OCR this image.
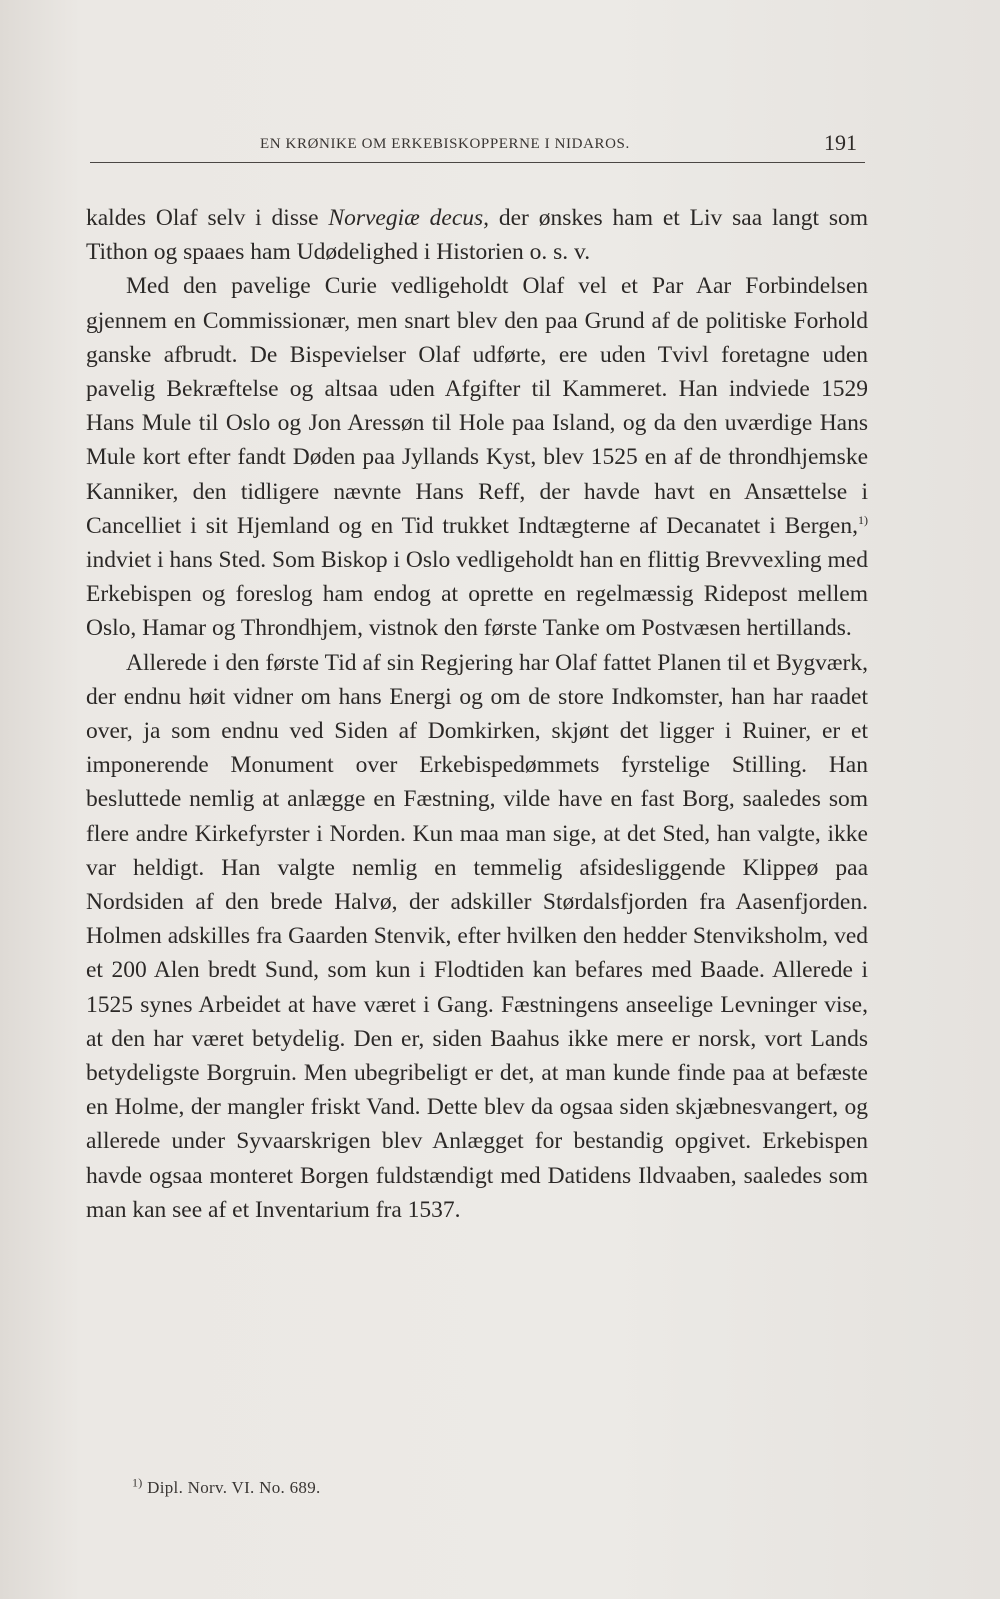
EN KRØNIKE OM ERKEBISKOPPERNE I NIDAROS.	191

kaldes Olaf selv i disse Norvegiæ decus, der ønskes ham et Liv saa langt som Tithon og spaaes ham Udødelighed i Historien o. s. v.

Med den pavelige Curie vedligeholdt Olaf vel et Par Aar Forbindelsen gjennem en Commissionær, men snart blev den paa Grund af de politiske Forhold ganske afbrudt. De Bispevielser Olaf udførte, ere uden Tvivl foretagne uden pavelig Bekræftelse og altsaa uden Afgifter til Kammeret. Han indviede 1529 Hans Mule til Oslo og Jon Aressøn til Hole paa Island, og da den uværdige Hans Mule kort efter fandt Døden paa Jyllands Kyst, blev 1525 en af de throndhjemske Kanniker, den tidligere nævnte Hans Reff, der havde havt en Ansættelse i Cancelliet i sit Hjemland og en Tid trukket Indtægterne af Decanatet i Bergen,$^{1)}$ indviet i hans Sted. Som Biskop i Oslo vedligeholdt han en flittig Brevvexling med Erkebispen og foreslog ham endog at oprette en regelmæssig Ridepost mellem Oslo, Hamar og Throndhjem, vistnok den første Tanke om Postvæsen hertillands.

Allerede i den første Tid af sin Regjering har Olaf fattet Planen til et Bygværk, der endnu høit vidner om hans Energi og om de store Indkomster, han har raadet over, ja som endnu ved Siden af Domkirken, skjønt det ligger i Ruiner, er et imponerende Monument over Erkebispedømmets fyrstelige Stilling. Han besluttede nemlig at anlægge en Fæstning, vilde have en fast Borg, saaledes som flere andre Kirkefyrster i Norden. Kun maa man sige, at det Sted, han valgte, ikke var heldigt. Han valgte nemlig en temmelig afsidesliggende Klippeø paa Nordsiden af den brede Halvø, der adskiller Størdalsfjorden fra Aasenfjorden. Holmen adskilles fra Gaarden Stenvik, efter hvilken den hedder Stenviksholm, ved et 200 Alen bredt Sund, som kun i Flodtiden kan befares med Baade. Allerede i 1525 synes Arbeidet at have været i Gang. Fæstningens anseelige Levninger vise, at den har været betydelig. Den er, siden Baahus ikke mere er norsk, vort Lands betydeligste Borgruin. Men ubegribeligt er det, at man kunde finde paa at befæste en Holme, der mangler friskt Vand. Dette blev da ogsaa siden skjæbnesvangert, og allerede under Syvaarskrigen blev Anlægget for bestandig opgivet. Erkebispen havde ogsaa monteret Borgen fuldstændigt med Datidens Ildvaaben, saaledes som man kan see af et Inventarium fra 1537.

$^{1)}$ Dipl. Norv. VI. No. 689.
